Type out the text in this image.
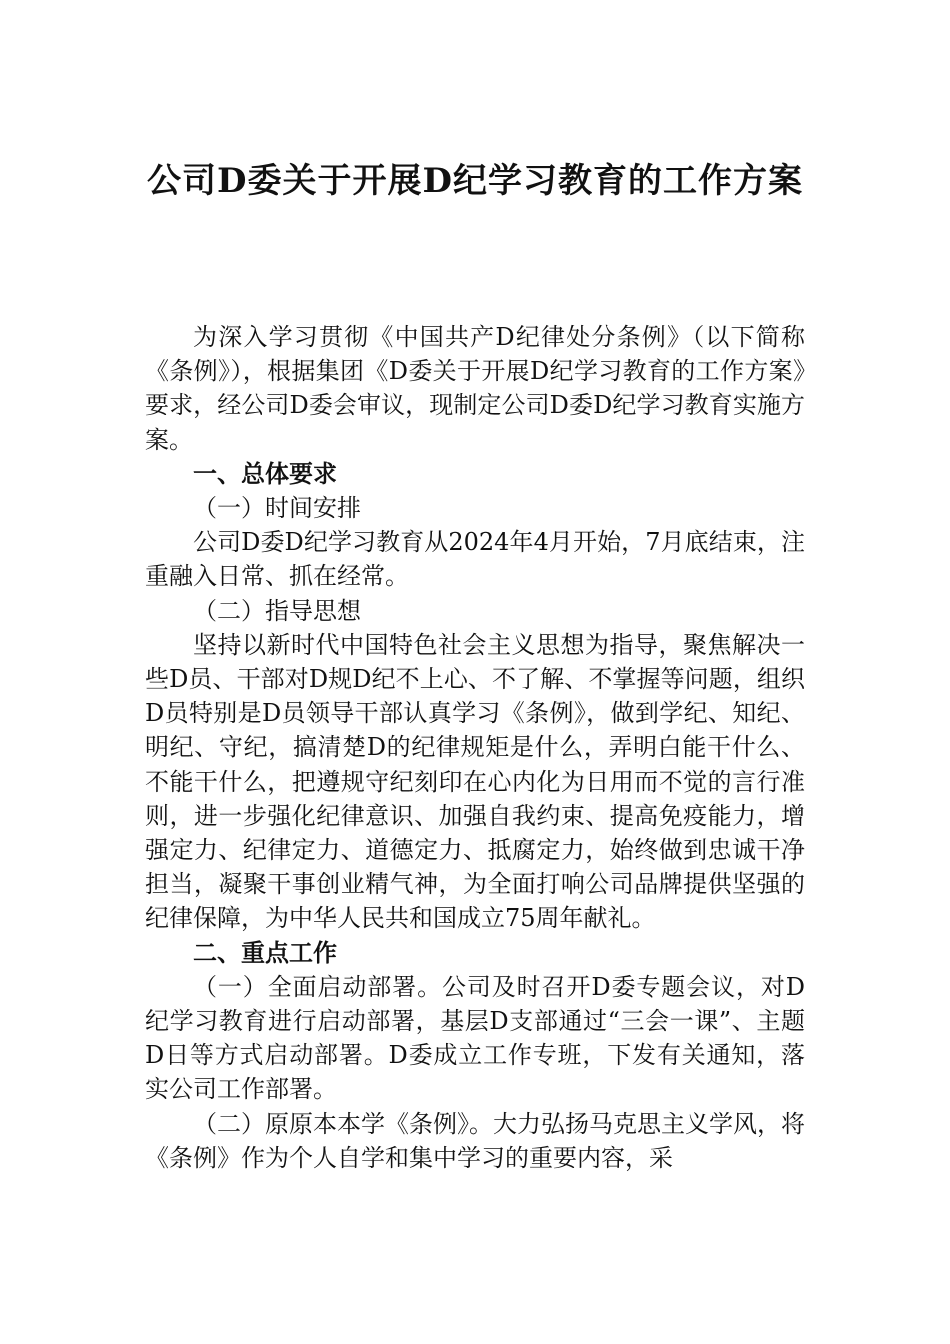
公司D委关于开展D纪学习教育的工作方案

为深入学习贯彻《中国共产D纪律处分条例》（以下简称《条例》），根据集团《D委关于开展D纪学习教育的工作方案》要求，经公司D委会审议，现制定公司D委D纪学习教育实施方案。

一、总体要求

（一）时间安排

公司D委D纪学习教育从2024年4月开始，7月底结束，注重融入日常、抓在经常。

（二）指导思想

坚持以新时代中国特色社会主义思想为指导，聚焦解决一些D员、干部对D规D纪不上心、不了解、不掌握等问题，组织D员特别是D员领导干部认真学习《条例》，做到学纪、知纪、明纪、守纪，搞清楚D的纪律规矩是什么，弄明白能干什么、不能干什么，把遵规守纪刻印在心内化为日用而不觉的言行准则，进一步强化纪律意识、加强自我约束、提高免疫能力，增强定力、纪律定力、道德定力、抵腐定力，始终做到忠诚干净担当，凝聚干事创业精气神，为全面打响公司品牌提供坚强的纪律保障，为中华人民共和国成立75周年献礼。

二、重点工作

（一）全面启动部署。公司及时召开D委专题会议，对D纪学习教育进行启动部署，基层D支部通过“三会一课”、主题D日等方式启动部署。D委成立工作专班，下发有关通知，落实公司工作部署。

（二）原原本本学《条例》。大力弘扬马克思主义学风，将《条例》作为个人自学和集中学习的重要内容，采
